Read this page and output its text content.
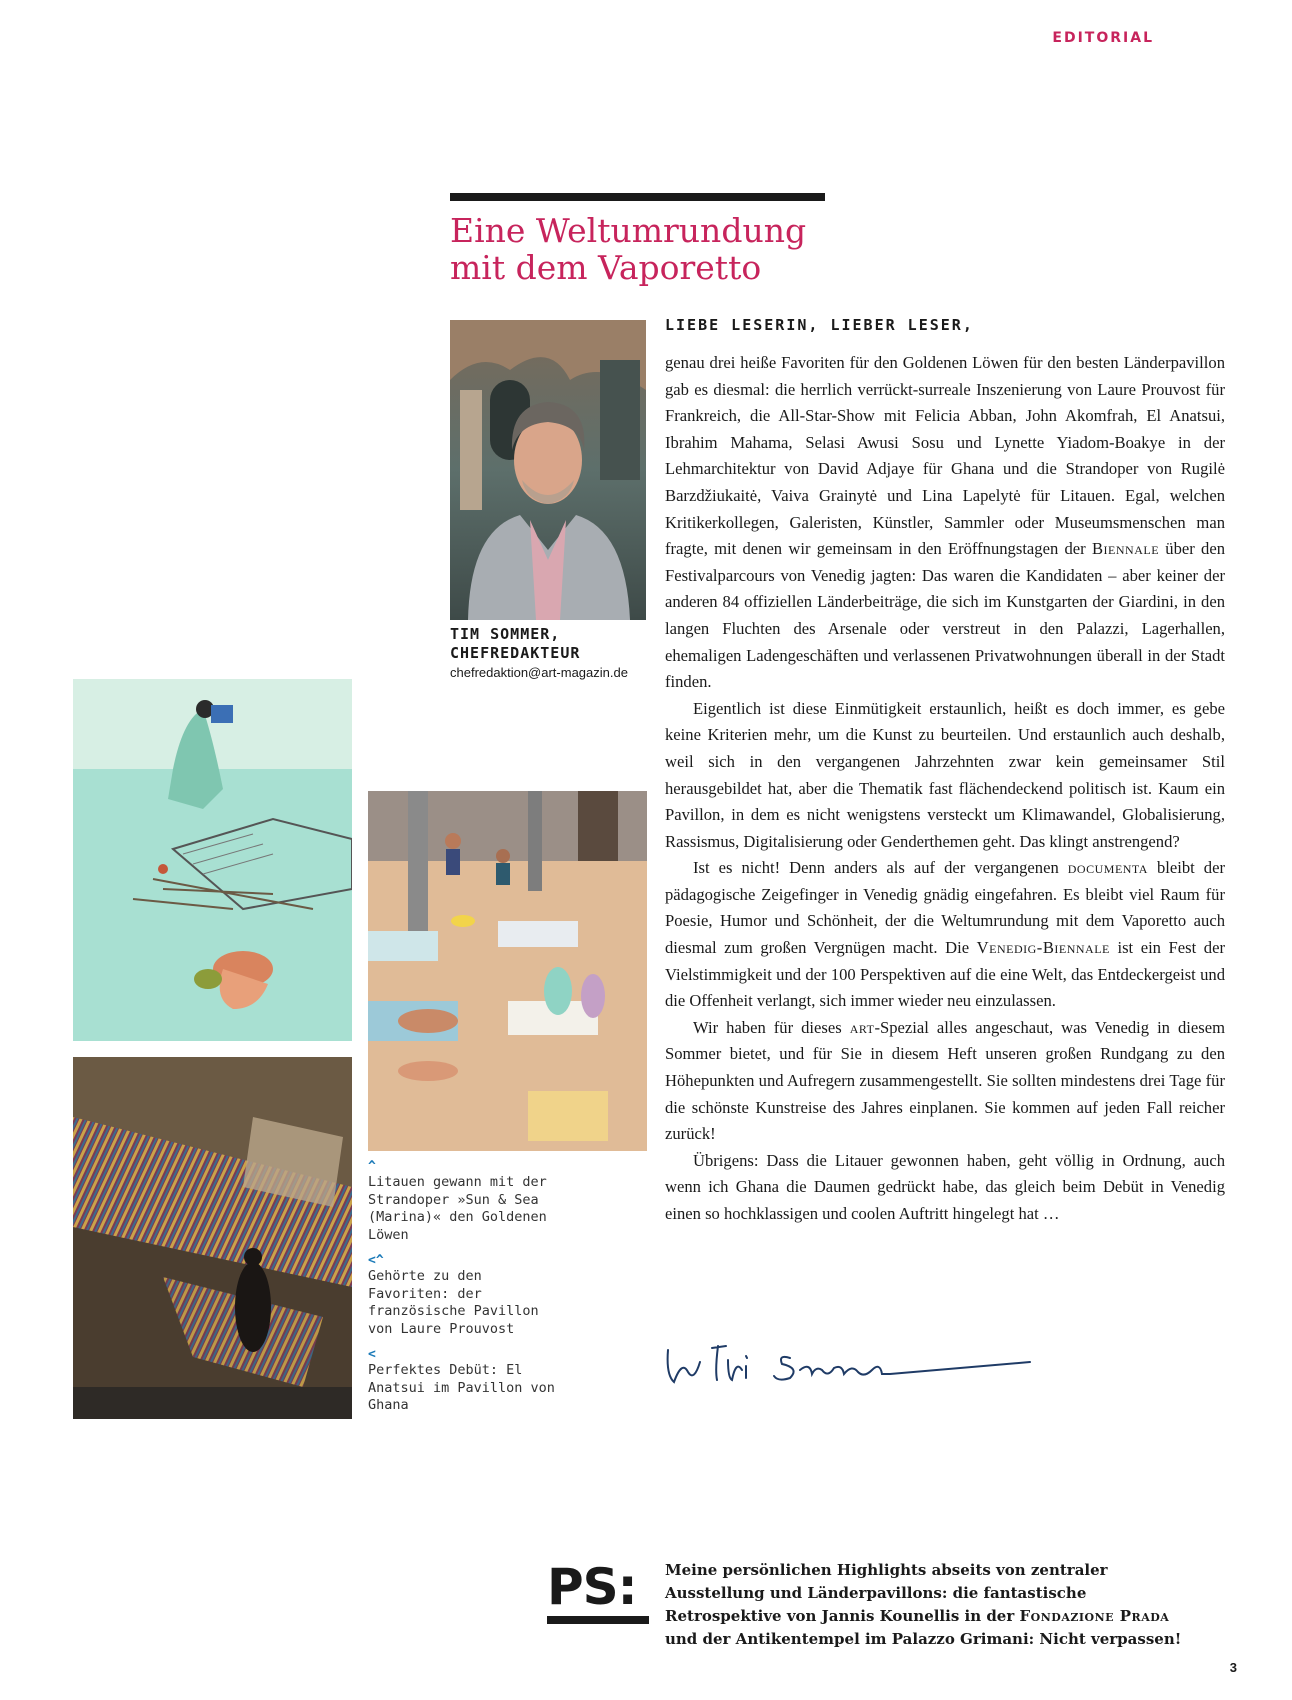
EDITORIAL
Eine Weltumrundung
mit dem Vaporetto
TIM SOMMER,
CHEFREDAKTEUR
chefredaktion@art-magazin.de
LIEBE LESERIN, LIEBER LESER,

genau drei heiße Favoriten für den Goldenen Löwen für den besten Länderpavillon gab es diesmal: die herrlich verrückt-surreale Inszenierung von Laure Prouvost für Frankreich, die All-Star-Show mit Felicia Abban, John Akomfrah, El Anatsui, Ibrahim Mahama, Selasi Awusi Sosu und Lynette Yiadom-Boakye in der Lehmarchitektur von David Adjaye für Ghana und die Strandoper von Rugilė Barzdžiukaitė, Vaiva Grainytė und Lina Lapelytė für Litauen. Egal, welchen Kritikerkollegen, Galeristen, Künstler, Sammler oder Museumsmenschen man fragte, mit denen wir gemeinsam in den Eröffnungstagen der Biennale über den Festivalparcours von Venedig jagten: Das waren die Kandidaten – aber keiner der anderen 84 offiziellen Länderbeiträge, die sich im Kunstgarten der Giardini, in den langen Fluchten des Arsenale oder verstreut in den Palazzi, Lagerhallen, ehemaligen Ladengeschäften und verlassenen Privatwohnungen überall in der Stadt finden.

Eigentlich ist diese Einmütigkeit erstaunlich, heißt es doch immer, es gebe keine Kriterien mehr, um die Kunst zu beurteilen. Und erstaunlich auch deshalb, weil sich in den vergangenen Jahrzehnten zwar kein gemeinsamer Stil herausgebildet hat, aber die Thematik fast flächendeckend politisch ist. Kaum ein Pavillon, in dem es nicht wenigstens versteckt um Klimawandel, Globalisierung, Rassismus, Digitalisierung oder Genderthemen geht. Das klingt anstrengend?

Ist es nicht! Denn anders als auf der vergangenen documenta bleibt der pädagogische Zeigefinger in Venedig gnädig eingefahren. Es bleibt viel Raum für Poesie, Humor und Schönheit, der die Weltumrundung mit dem Vaporetto auch diesmal zum großen Vergnügen macht. Die Venedig-Biennale ist ein Fest der Vielstimmigkeit und der 100 Perspektiven auf die eine Welt, das Entdeckergeist und die Offenheit verlangt, sich immer wieder neu einzulassen.

Wir haben für dieses art-Spezial alles angeschaut, was Venedig in diesem Sommer bietet, und für Sie in diesem Heft unseren großen Rundgang zu den Höhepunkten und Aufregern zusammengestellt. Sie sollten mindestens drei Tage für die schönste Kunstreise des Jahres einplanen. Sie kommen auf jeden Fall reicher zurück!

Übrigens: Dass die Litauer gewonnen haben, geht völlig in Ordnung, auch wenn ich Ghana die Daumen gedrückt habe, das gleich beim Debüt in Venedig einen so hochklassigen und coolen Auftritt hingelegt hat …

^
Litauen gewann mit der Strandoper »Sun & Sea (Marina)« den Goldenen Löwen
<^
Gehörte zu den Favoriten: der französische Pavillon von Laure Prouvost
<
Perfektes Debüt: El Anatsui im Pavillon von Ghana
PS:	Meine persönlichen Highlights abseits von zentraler Ausstellung und Länderpavillons: die fantastische Retrospektive von Jannis Kounellis in der Fondazione Prada und der Antikentempel im Palazzo Grimani: Nicht verpassen!
3
